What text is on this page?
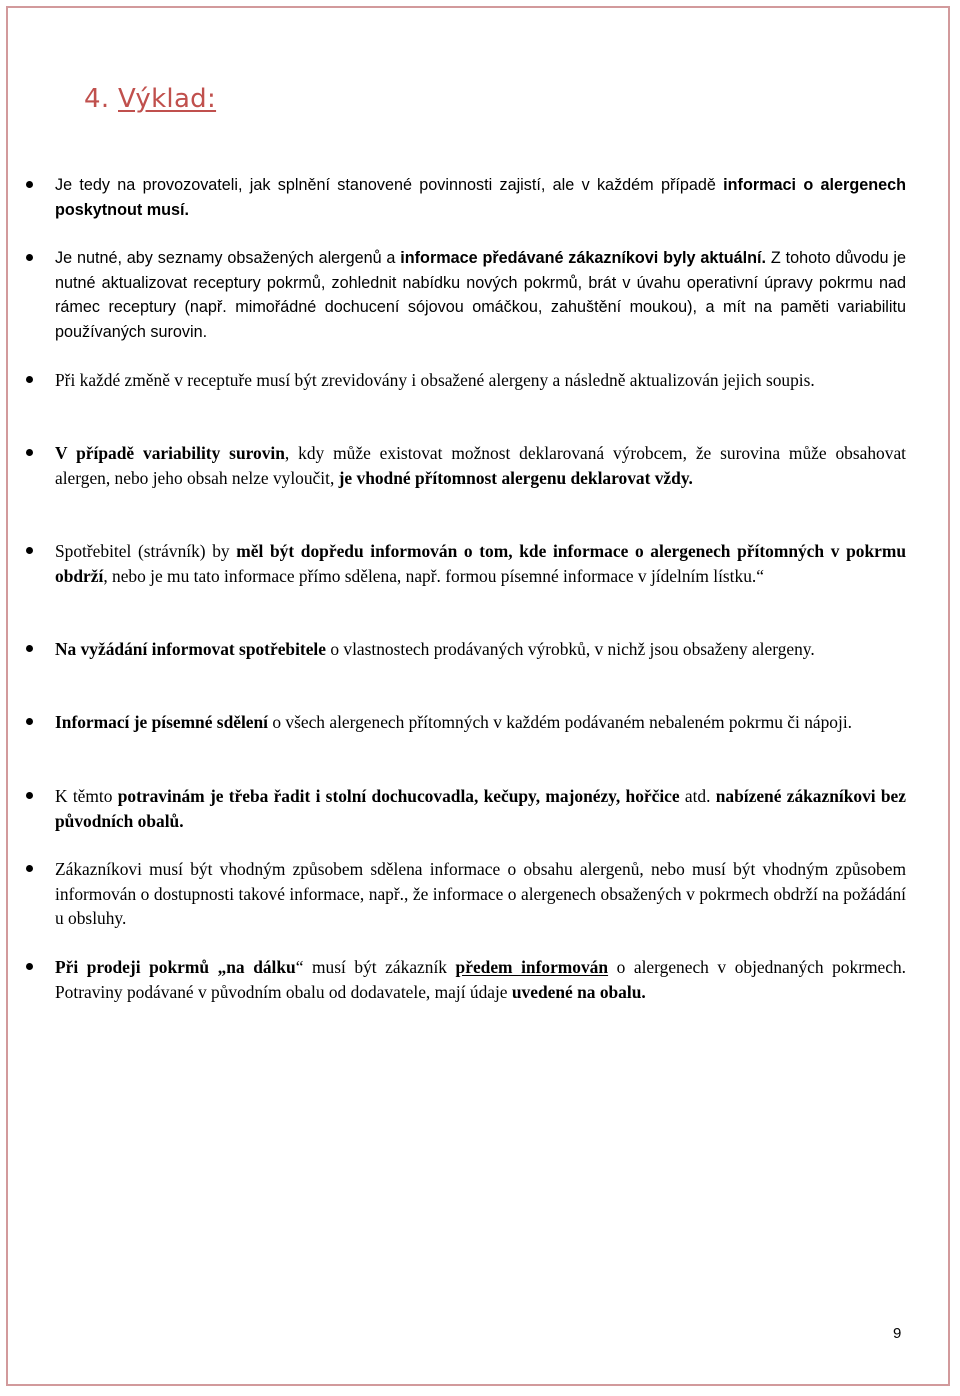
4. Výklad:

Je tedy na provozovateli, jak splnění stanovené povinnosti zajistí, ale v každém případě informaci o alergenech poskytnout musí.

Je nutné, aby seznamy obsažených alergenů a informace předávané zákazníkovi byly aktuální. Z tohoto důvodu je nutné aktualizovat receptury pokrmů, zohlednit nabídku nových pokrmů, brát v úvahu operativní úpravy pokrmu nad rámec receptury (např. mimořádné dochucení sójovou omáčkou, zahuštění moukou), a mít na paměti variabilitu používaných surovin.

Při každé změně v receptuře musí být zrevidovány i obsažené alergeny a následně aktualizován jejich soupis.

V případě variability surovin, kdy může existovat možnost deklarovaná výrobcem, že surovina může obsahovat alergen, nebo jeho obsah nelze vyloučit, je vhodné přítomnost alergenu deklarovat vždy.

Spotřebitel (strávník) by měl být dopředu informován o tom, kde informace o alergenech přítomných v pokrmu obdrží, nebo je mu tato informace přímo sdělena, např. formou písemné informace v jídelním lístku.“

Na vyžádání informovat spotřebitele o vlastnostech prodávaných výrobků, v nichž jsou obsaženy alergeny.

Informací je písemné sdělení o všech alergenech přítomných v každém podávaném nebaleném pokrmu či nápoji.

K těmto potravinám je třeba řadit i stolní dochucovadla, kečupy, majonézy, hořčice atd. nabízené zákazníkovi bez původních obalů.

Zákazníkovi musí být vhodným způsobem sdělena informace o obsahu alergenů, nebo musí být vhodným způsobem informován o dostupnosti takové informace, např., že informace o alergenech obsažených v pokrmech obdrží na požádání u obsluhy.

Při prodeji pokrmů „na dálku“ musí být zákazník předem informován o alergenech v objednaných pokrmech. Potraviny podávané v původním obalu od dodavatele, mají údaje uvedené na obalu.

9
